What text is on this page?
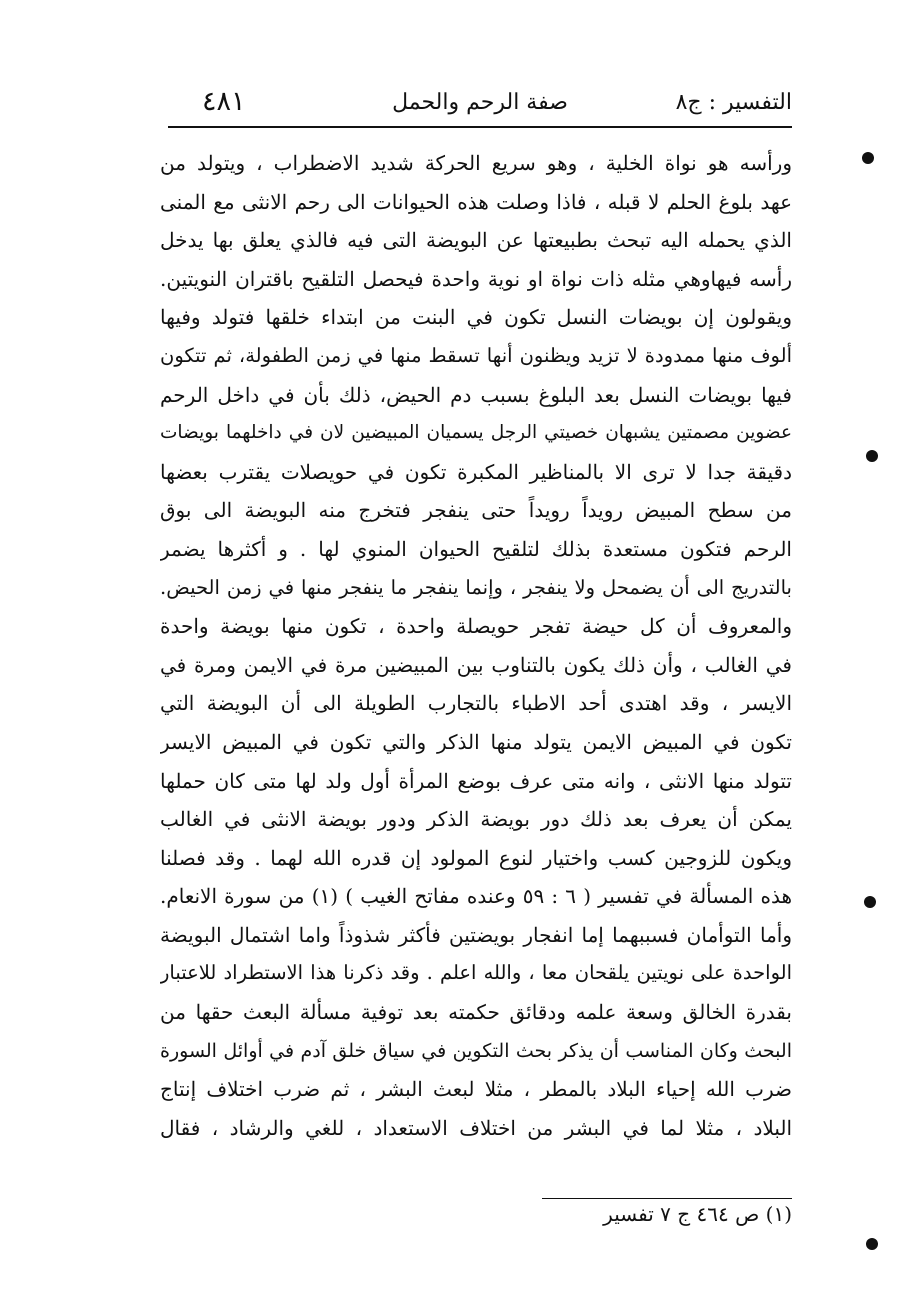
التفسير : ج٨
صفة الرحم والحمل
٤٨١
ورأسه هو نواة الخلية ، وهو سريع الحركة شديد الاضطراب ، ويتولد من
عهد بلوغ الحلم لا قبله ، فاذا وصلت هذه الحيوانات الى رحم الانثى مع المنى
الذي يحمله اليه تبحث بطبيعتها عن البويضة التى فيه فالذي يعلق بها يدخل
رأسه فيهاوهي مثله ذات نواة او نوية واحدة فيحصل التلقيح باقتران النويتين.
ويقولون إن بويضات النسل تكون في البنت من ابتداء خلقها فتولد وفيها
ألوف منها ممدودة لا تزيد ويظنون أنها تسقط منها في زمن الطفولة، ثم تتكون
فيها بويضات النسل بعد البلوغ بسبب دم الحيض، ذلك بأن في داخل الرحم
عضوين مصمتين يشبهان خصيتي الرجل يسميان المبيضين لان في داخلهما بويضات
دقيقة جدا لا ترى الا بالمناظير المكبرة تكون في حويصلات يقترب بعضها
من سطح المبيض رويداً رويداً حتى ينفجر فتخرج منه البويضة الى بوق
الرحم فتكون مستعدة بذلك لتلقيح الحيوان المنوي لها . و أكثرها يضمر
بالتدريج الى أن يضمحل ولا ينفجر ، وإنما ينفجر ما ينفجر منها في زمن الحيض.
والمعروف أن كل حيضة تفجر حويصلة واحدة ، تكون منها بويضة واحدة
في الغالب ، وأن ذلك يكون بالتناوب بين المبيضين مرة في الايمن ومرة في
الايسر ، وقد اهتدى أحد الاطباء بالتجارب الطويلة الى أن البويضة التي
تكون في المبيض الايمن يتولد منها الذكر والتي تكون في المبيض الايسر
تتولد منها الانثى ، وانه متى عرف بوضع المرأة أول ولد لها متى كان حملها
يمكن أن يعرف بعد ذلك دور بويضة الذكر ودور بويضة الانثى في الغالب
ويكون للزوجين كسب واختيار لنوع المولود إن قدره الله لهما . وقد فصلنا
هذه المسألة في تفسير ( ٦ : ٥٩ وعنده مفاتح الغيب ) (١) من سورة الانعام.
وأما التوأمان فسببهما إما انفجار بويضتين فأكثر شذوذاً واما اشتمال البويضة
الواحدة على نويتين يلقحان معا ، والله اعلم . وقد ذكرنا هذا الاستطراد للاعتبار
بقدرة الخالق وسعة علمه ودقائق حكمته بعد توفية مسألة البعث حقها من
البحث وكان المناسب أن يذكر بحث التكوين في سياق خلق آدم في أوائل السورة
ضرب الله إحياء البلاد بالمطر ، مثلا لبعث البشر ، ثم ضرب اختلاف إنتاج
البلاد ، مثلا لما في البشر من اختلاف الاستعداد ، للغي والرشاد ، فقال
(١) ص ٤٦٤ ج ٧ تفسير
